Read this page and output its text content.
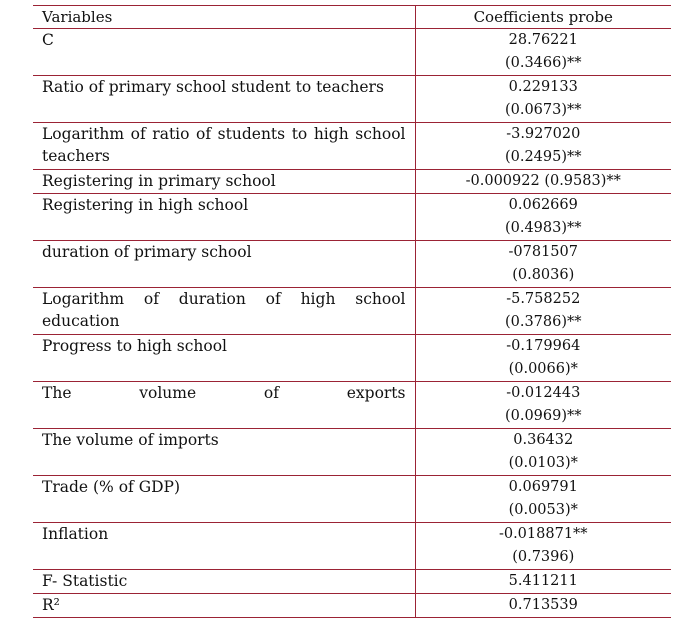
Variables	Coefficients probe
C	28.76221
(0.3466)**

Ratio of primary school student to teachers	0.229133
(0.0673)**

Logarithm of ratio of students to high school teachers	-3.927020
(0.2495)**

Registering in primary school	-0.000922 (0.9583)**
Registering in high school	0.062669
(0.4983)**

duration of primary school	-0781507
(0.8036)

Logarithm of duration of high school education	-5.758252
(0.3786)**

Progress to high school	-0.179964
(0.0066)*

The volume of exports	-0.012443
(0.0969)**

The volume of imports	0.36432
(0.0103)*

Trade (% of GDP)	0.069791
(0.0053)*

Inflation	-0.018871**
(0.7396)

F- Statistic	5.411211
R²	0.713539
